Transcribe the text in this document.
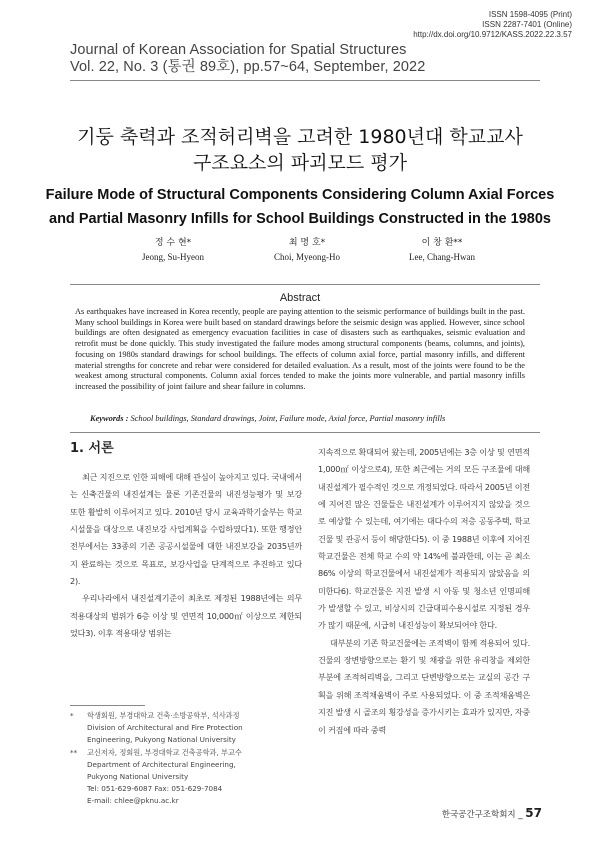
ISSN 1598-4095 (Print)
ISSN 2287-7401 (Online)
http://dx.doi.org/10.9712/KASS.2022.22.3.57
Journal of Korean Association for Spatial Structures
Vol. 22, No. 3 (통권 89호), pp.57~64, September, 2022
기둥 축력과 조적허리벽을 고려한 1980년대 학교교사
구조요소의 파괴모드 평가
Failure Mode of Structural Components Considering Column Axial Forces
and Partial Masonry Infills for School Buildings Constructed in the 1980s
정 수 현*
Jeong, Su-Hyeon
최 명 호*
Choi, Myeong-Ho
이 창 환**
Lee, Chang-Hwan
Abstract
As earthquakes have increased in Korea recently, people are paying attention to the seismic performance of buildings built in the past. Many school buildings in Korea were built based on standard drawings before the seismic design was applied. However, since school buildings are often designated as emergency evacuation facilities in case of disasters such as earthquakes, seismic evaluation and retrofit must be done quickly. This study investigated the failure modes among structural components (beams, columns, and joints), focusing on 1980s standard drawings for school buildings. The effects of column axial force, partial masonry infills, and different material strengths for concrete and rebar were considered for detailed evaluation. As a result, most of the joints were found to be the weakest among structural components. Column axial forces tended to make the joints more vulnerable, and partial masonry infills increased the possibility of joint failure and shear failure in columns.
Keywords : School buildings, Standard drawings, Joint, Failure mode, Axial force, Partial masonry infills
1. 서론

최근 지진으로 인한 피해에 대해 관심이 높아지고 있다. 국내에서는 신축건물의 내진설계는 물론 기존건물의 내진성능평가 및 보강 또한 활발히 이루어지고 있다. 2010년 당시 교육과학기술부는 학교시설물을 대상으로 내진보강 사업계획을 수립하였다1). 또한 행정안전부에서는 33종의 기존 공공시설물에 대한 내진보강을 2035년까지 완료하는 것으로 목표로, 보강사업을 단계적으로 추진하고 있다2).

우리나라에서 내진설계기준이 최초로 제정된 1988년에는 의무 적용대상의 범위가 6층 이상 및 연면적 10,000㎡ 이상으로 제한되었다3). 이후 적용대상 범위는

지속적으로 확대되어 왔는데, 2005년에는 3층 이상 및 연면적 1,000㎡ 이상으로4), 또한 최근에는 거의 모든 구조물에 대해 내진설계가 필수적인 것으로 개정되었다. 따라서 2005년 이전에 지어진 많은 건물들은 내진설계가 이루어지지 않았을 것으로 예상할 수 있는데, 여기에는 대다수의 저층 공동주택, 학교건물 및 관공서 등이 해당한다5). 이 중 1988년 이후에 지어진 학교건물은 전체 학교 수의 약 14%에 불과한데, 이는 곧 최소 86% 이상의 학교건물에서 내진설계가 적용되지 않았음을 의미한다6). 학교건물은 지진 발생 시 아동 및 청소년 인명피해가 발생할 수 있고, 비상시의 긴급대피수용시설로 지정된 경우가 많기 때문에, 시급히 내진성능이 확보되어야 한다.

대부분의 기존 학교건물에는 조적벽이 함께 적용되어 있다. 건물의 장변방향으로는 환기 및 채광을 위한 유리창을 제외한 부분에 조적허리벽을, 그리고 단변방향으로는 교실의 공간 구획을 위해 조적채움벽이 주로 사용되었다. 이 중 조적채움벽은 지진 발생 시 골조의 횡강성을 증가시키는 효과가 있지만, 자중이 커짐에 따라 중력

*	학생회원, 부경대학교 건축·소방공학부, 석사과정
Division of Architectural and Fire Protection
Engineering, Pukyong National University
**	교신저자, 정회원, 부경대학교 건축공학과, 부교수
Department of Architectural Engineering,
Pukyong National University
Tel: 051-629-6087 Fax: 051-629-7084
E-mail: chlee@pknu.ac.kr
한국공간구조학회지 _ 57
